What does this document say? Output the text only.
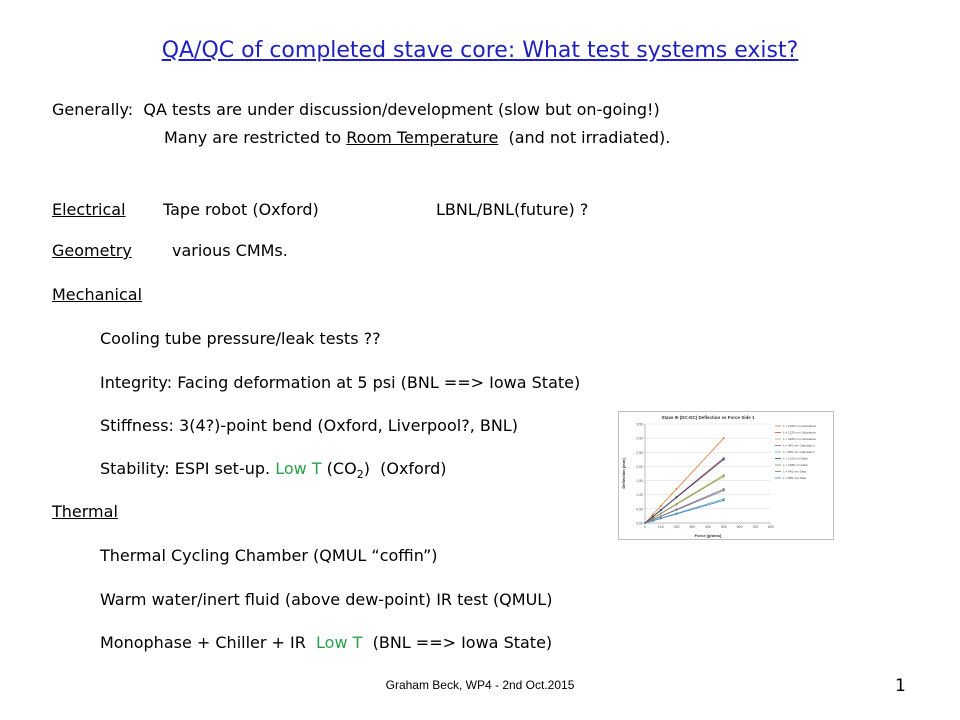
QA/QC of completed stave core: What test systems exist?
Generally: QA tests are under discussion/development (slow but on-going!)
Many are restricted to Room Temperature (and not irradiated).
Electrical Tape robot (Oxford)	LBNL/BNL(future) ?
Geometry	various CMMs.
Mechanical
Cooling tube pressure/leak tests ??
Integrity: Facing deformation at 5 psi (BNL ==> Iowa State)
Stiffness: 3(4?)-point bend (Oxford, Liverpool?, BNL)
Stability: ESPI set-up. Low T $(CO_2)$ (Oxford)
Thermal
Thermal Cycling Chamber (QMUL “coffin”)
Warm water/inert fluid (above dew-point) IR test (QMUL)
Monophase + Chiller + IR Low T (BNL ==> Iowa State)
Stave III (DC-DC) Deflection vs Force Side 1
0.00
0.50
1.00
1.50
2.00
2.50
3.00
3.50
0	100	200	300	400	500	600	700	800
Force [grams]
Deflection [mm]
L = 1355 mm Calculation
L = 1225 mm Calculation
L = 1085 mm Calculation
L = 945 mm Calculation
L = 805 mm Calculation
L = 1225 mm Data
L = 1085 mm Data
L = 945 mm Data
L = 805 mm Data
Graham Beck, WP4 - 2nd Oct.2015	1
